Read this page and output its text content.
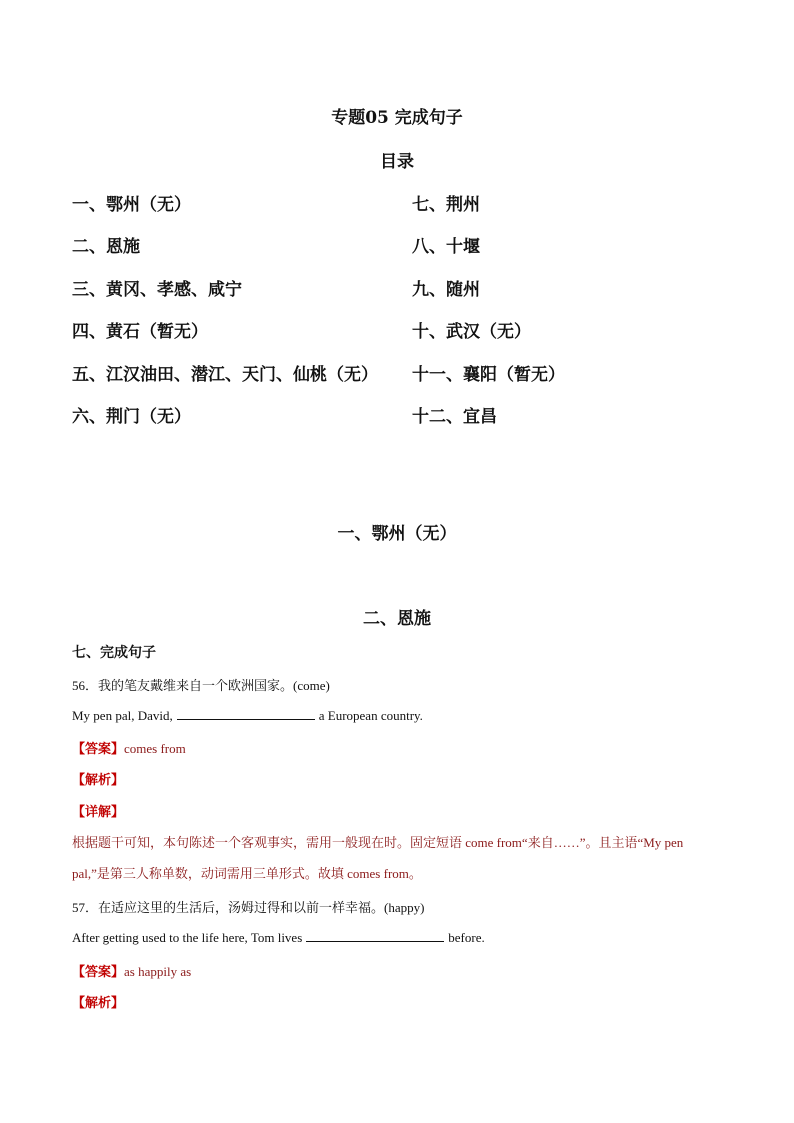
专题05 完成句子
目录
一、鄂州（无）
二、恩施
三、黄冈、孝感、咸宁
四、黄石（暂无）
五、江汉油田、潜江、天门、仙桃（无）
六、荆门（无）
七、荆州
八、十堰
九、随州
十、武汉（无）
十一、襄阳（暂无）
十二、宜昌
一、鄂州（无）
二、恩施
七、完成句子
56．我的笔友戴维来自一个欧洲国家。(come)
My pen pal, David,	a European country.
【答案】comes from
【解析】
【详解】
根据题干可知，本句陈述一个客观事实，需用一般现在时。固定短语 come from“来自……”。且主语“My pen pal,”是第三人称单数，动词需用三单形式。故填 comes from。
57．在适应这里的生活后，汤姆过得和以前一样幸福。(happy)
After getting used to the life here, Tom lives	before.
【答案】as happily as
【解析】
